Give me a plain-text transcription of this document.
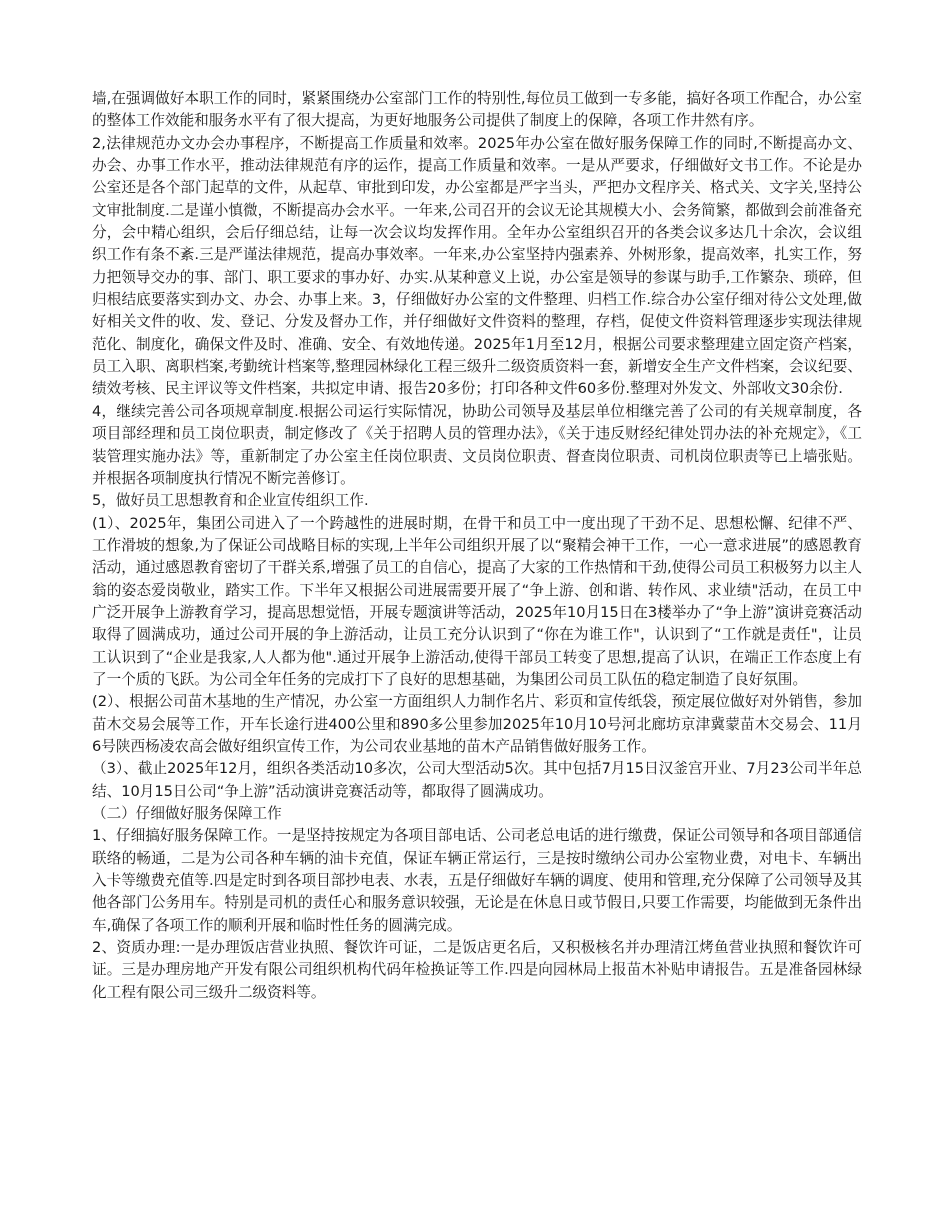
墙,在强调做好本职工作的同时，紧紧围绕办公室部门工作的特别性,每位员工做到一专多能，搞好各项工作配合，办公室的整体工作效能和服务水平有了很大提高，为更好地服务公司提供了制度上的保障，各项工作井然有序。

2,法律规范办文办会办事程序，不断提高工作质量和效率。2025年办公室在做好服务保障工作的同时,不断提高办文、办会、办事工作水平，推动法律规范有序的运作，提高工作质量和效率。一是从严要求，仔细做好文书工作。不论是办公室还是各个部门起草的文件，从起草、审批到印发，办公室都是严字当头，严把办文程序关、格式关、文字关,坚持公文审批制度.二是谨小慎微，不断提高办会水平。一年来,公司召开的会议无论其规模大小、会务简繁，都做到会前准备充分，会中精心组织，会后仔细总结，让每一次会议均发挥作用。全年办公室组织召开的各类会议多达几十余次，会议组织工作有条不紊.三是严谨法律规范，提高办事效率。一年来,办公室坚持内强素养、外树形象，提高效率，扎实工作，努力把领导交办的事、部门、职工要求的事办好、办实.从某种意义上说，办公室是领导的参谋与助手,工作繁杂、琐碎，但归根结底要落实到办文、办会、办事上来。3，仔细做好办公室的文件整理、归档工作.综合办公室仔细对待公文处理,做好相关文件的收、发、登记、分发及督办工作，并仔细做好文件资料的整理，存档，促使文件资料管理逐步实现法律规范化、制度化，确保文件及时、准确、安全、有效地传递。2025年1月至12月，根据公司要求整理建立固定资产档案，员工入职、离职档案,考勤统计档案等,整理园林绿化工程三级升二级资质资料一套，新增安全生产文件档案，会议纪要、绩效考核、民主评议等文件档案，共拟定申请、报告20多份；打印各种文件60多份.整理对外发文、外部收文30余份.

4，继续完善公司各项规章制度.根据公司运行实际情况，协助公司领导及基层单位相继完善了公司的有关规章制度，各项目部经理和员工岗位职责，制定修改了《关于招聘人员的管理办法》，《关于违反财经纪律处罚办法的补充规定》，《工装管理实施办法》等，重新制定了办公室主任岗位职责、文员岗位职责、督查岗位职责、司机岗位职责等已上墙张贴。并根据各项制度执行情况不断完善修订。

5，做好员工思想教育和企业宣传组织工作.

(1）、2025年，集团公司进入了一个跨越性的进展时期，在骨干和员工中一度出现了干劲不足、思想松懈、纪律不严、工作滑坡的想象,为了保证公司战略目标的实现,上半年公司组织开展了以“聚精会神干工作，一心一意求进展”的感恩教育活动，通过感恩教育密切了干群关系,增强了员工的自信心，提高了大家的工作热情和干劲,使得公司员工积极努力以主人翁的姿态爱岗敬业，踏实工作。下半年又根据公司进展需要开展了“争上游、创和谐、转作风、求业绩"活动，在员工中广泛开展争上游教育学习，提高思想觉悟，开展专题演讲等活动，2025年10月15日在3楼举办了“争上游”演讲竞赛活动取得了圆满成功，通过公司开展的争上游活动，让员工充分认识到了“你在为谁工作"，认识到了“工作就是责任"，让员工认识到了“企业是我家,人人都为他".通过开展争上游活动,使得干部员工转变了思想,提高了认识，在端正工作态度上有了一个质的飞跃。为公司全年任务的完成打下了良好的思想基础，为集团公司员工队伍的稳定制造了良好氛围。

(2）、根据公司苗木基地的生产情况，办公室一方面组织人力制作名片、彩页和宣传纸袋，预定展位做好对外销售，参加苗木交易会展等工作，开车长途行进400公里和890多公里参加2025年10月10号河北廊坊京津冀蒙苗木交易会、11月6号陕西杨凌农高会做好组织宣传工作，为公司农业基地的苗木产品销售做好服务工作。

（3）、截止2025年12月，组织各类活动10多次，公司大型活动5次。其中包括7月15日汉釜宫开业、7月23公司半年总结、10月15日公司“争上游”活动演讲竞赛活动等，都取得了圆满成功。

（二）仔细做好服务保障工作

1、仔细搞好服务保障工作。一是坚持按规定为各项目部电话、公司老总电话的进行缴费，保证公司领导和各项目部通信联络的畅通，二是为公司各种车辆的油卡充值，保证车辆正常运行，三是按时缴纳公司办公室物业费，对电卡、车辆出入卡等缴费充值等.四是定时到各项目部抄电表、水表，五是仔细做好车辆的调度、使用和管理,充分保障了公司领导及其他各部门公务用车。特别是司机的责任心和服务意识较强，无论是在休息日或节假日,只要工作需要，均能做到无条件出车,确保了各项工作的顺利开展和临时性任务的圆满完成。

2、资质办理:一是办理饭店营业执照、餐饮许可证，二是饭店更名后，又积极核名并办理清江烤鱼营业执照和餐饮许可证。三是办理房地产开发有限公司组织机构代码年检换证等工作.四是向园林局上报苗木补贴申请报告。五是准备园林绿化工程有限公司三级升二级资料等。
